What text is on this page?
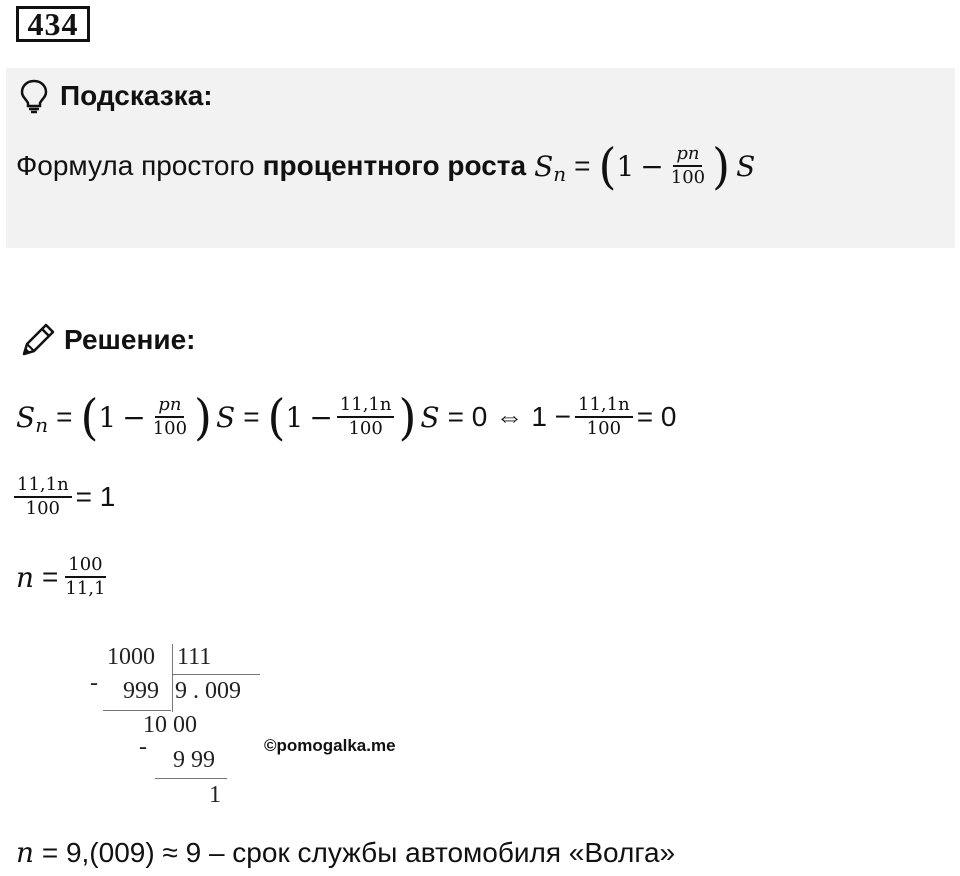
434
Подсказка:
Формула простого процентного роста S n = ( $1 - \frac{pn}{100}$ ) S
Решение:
S n = ( $1 - \frac{pn}{100}$ ) S = ( $1 - \frac{11,1n}{100}$ ) S = 0 ⇔ $1 - \frac{11,1n}{100} = 0$
$\frac{11,1n}{100} = 1$
$n = \frac{100}{11,1}$
-
1000 111
999 9 . 009
10 00
- 9 99
1
©pomogalka.me
n = 9,(009) ≈ 9 – срок службы автомобиля «Волга»
